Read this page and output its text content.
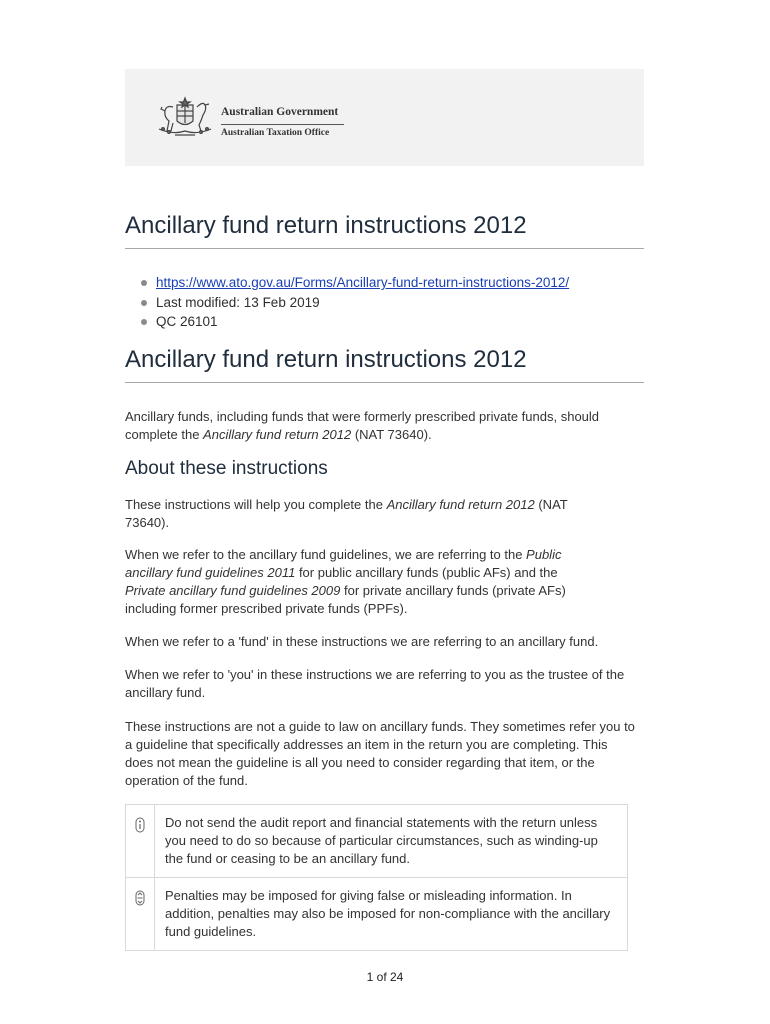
Australian Government
Australian Taxation Office
Ancillary fund return instructions 2012
https://www.ato.gov.au/Forms/Ancillary-fund-return-instructions-2012/
Last modified: 13 Feb 2019
QC 26101
Ancillary fund return instructions 2012

Ancillary funds, including funds that were formerly prescribed private funds, should complete the Ancillary fund return 2012 (NAT 73640).

About these instructions

These instructions will help you complete the Ancillary fund return 2012 (NAT 73640).

When we refer to the ancillary fund guidelines, we are referring to the Public ancillary fund guidelines 2011 for public ancillary funds (public AFs) and the Private ancillary fund guidelines 2009 for private ancillary funds (private AFs) including former prescribed private funds (PPFs).

When we refer to a 'fund' in these instructions we are referring to an ancillary fund.

When we refer to 'you' in these instructions we are referring to you as the trustee of the ancillary fund.

These instructions are not a guide to law on ancillary funds. They sometimes refer you to a guideline that specifically addresses an item in the return you are completing. This does not mean the guideline is all you need to consider regarding that item, or the operation of the fund.

Do not send the audit report and financial statements with the return unless you need to do so because of particular circumstances, such as winding-up the fund or ceasing to be an ancillary fund.
Penalties may be imposed for giving false or misleading information. In addition, penalties may also be imposed for non-compliance with the ancillary fund guidelines.
1 of 24
